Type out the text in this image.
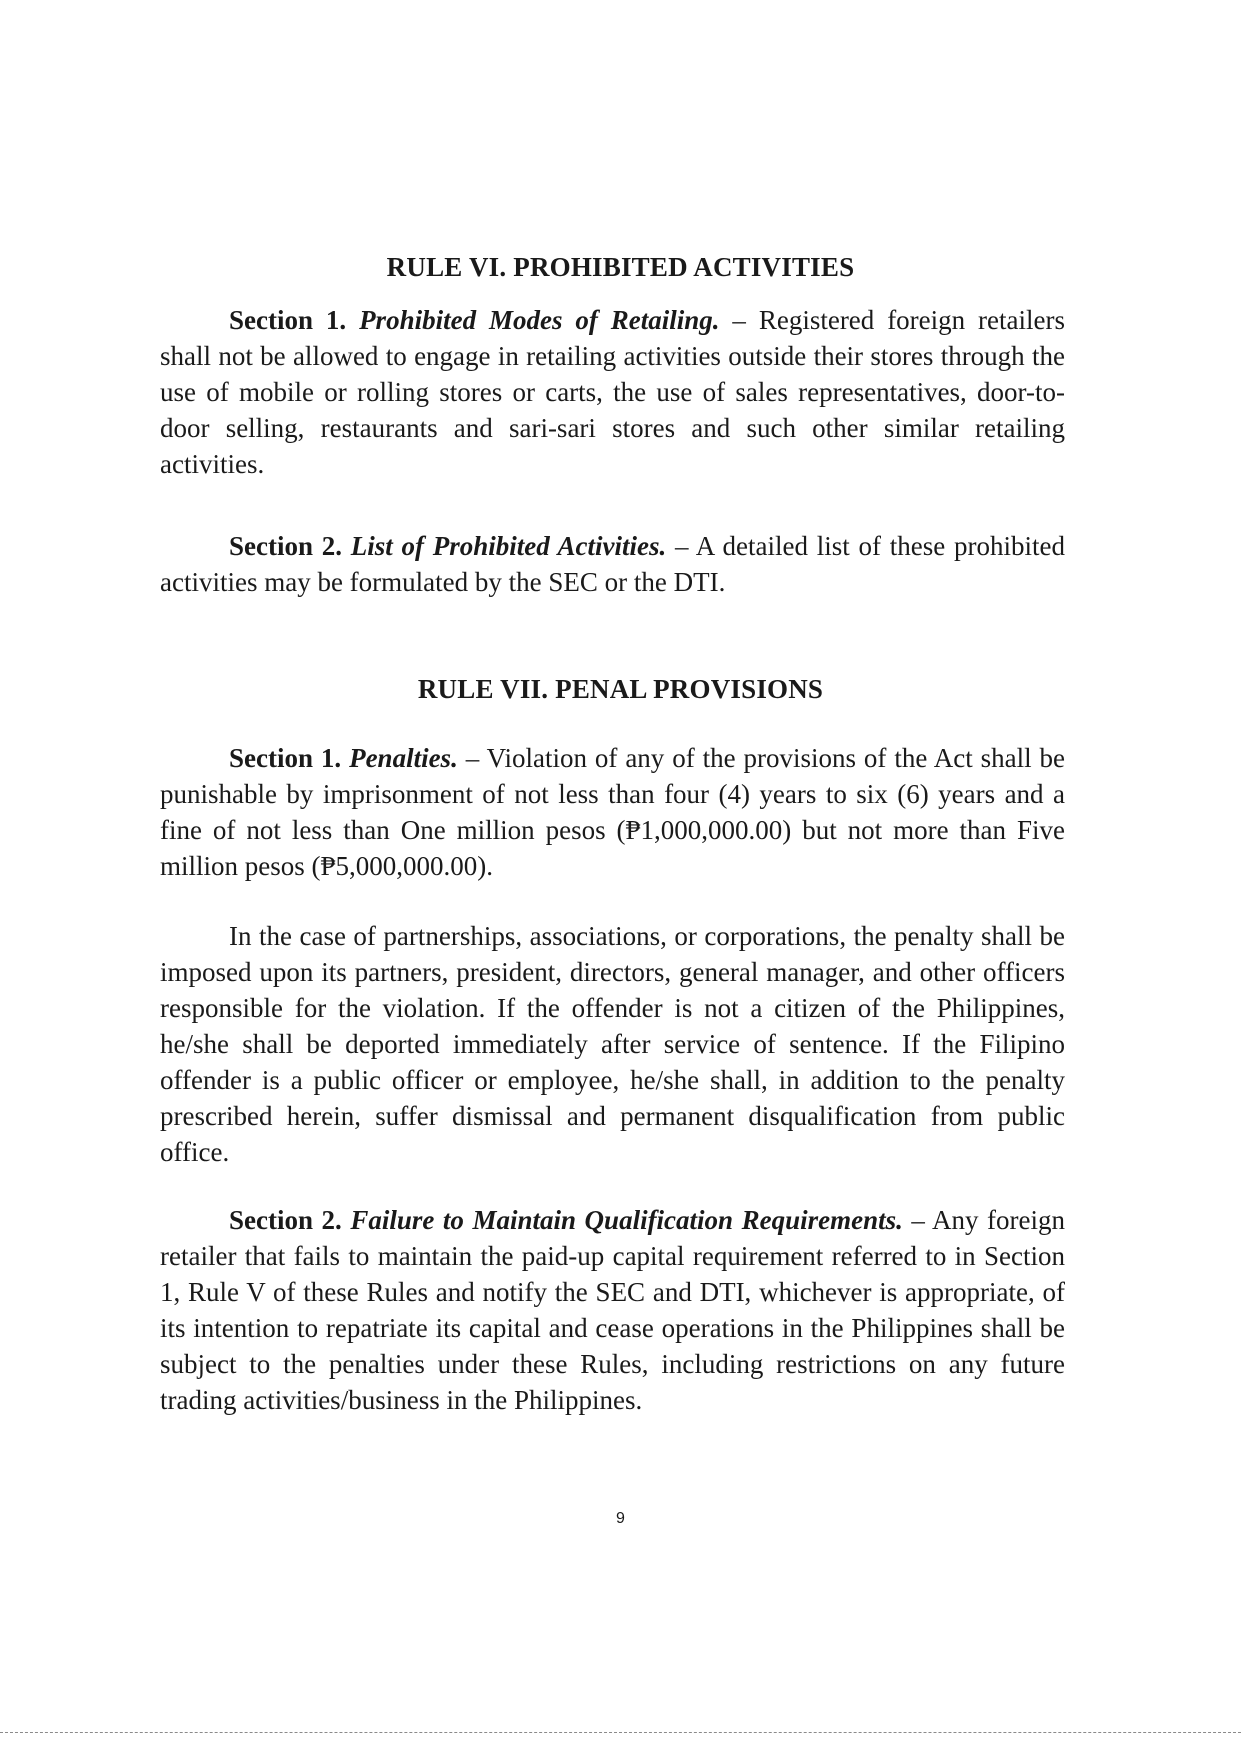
RULE VI. PROHIBITED ACTIVITIES

Section 1. Prohibited Modes of Retailing. – Registered foreign retailers shall not be allowed to engage in retailing activities outside their stores through the use of mobile or rolling stores or carts, the use of sales representatives, door-to-door selling, restaurants and sari-sari stores and such other similar retailing activities.

Section 2. List of Prohibited Activities. – A detailed list of these prohibited activities may be formulated by the SEC or the DTI.

RULE VII. PENAL PROVISIONS

Section 1. Penalties. – Violation of any of the provisions of the Act shall be punishable by imprisonment of not less than four (4) years to six (6) years and a fine of not less than One million pesos (₱1,000,000.00) but not more than Five million pesos (₱5,000,000.00).

In the case of partnerships, associations, or corporations, the penalty shall be imposed upon its partners, president, directors, general manager, and other officers responsible for the violation. If the offender is not a citizen of the Philippines, he/she shall be deported immediately after service of sentence. If the Filipino offender is a public officer or employee, he/she shall, in addition to the penalty prescribed herein, suffer dismissal and permanent disqualification from public office.

Section 2. Failure to Maintain Qualification Requirements. – Any foreign retailer that fails to maintain the paid-up capital requirement referred to in Section 1, Rule V of these Rules and notify the SEC and DTI, whichever is appropriate, of its intention to repatriate its capital and cease operations in the Philippines shall be subject to the penalties under these Rules, including restrictions on any future trading activities/business in the Philippines.

9
